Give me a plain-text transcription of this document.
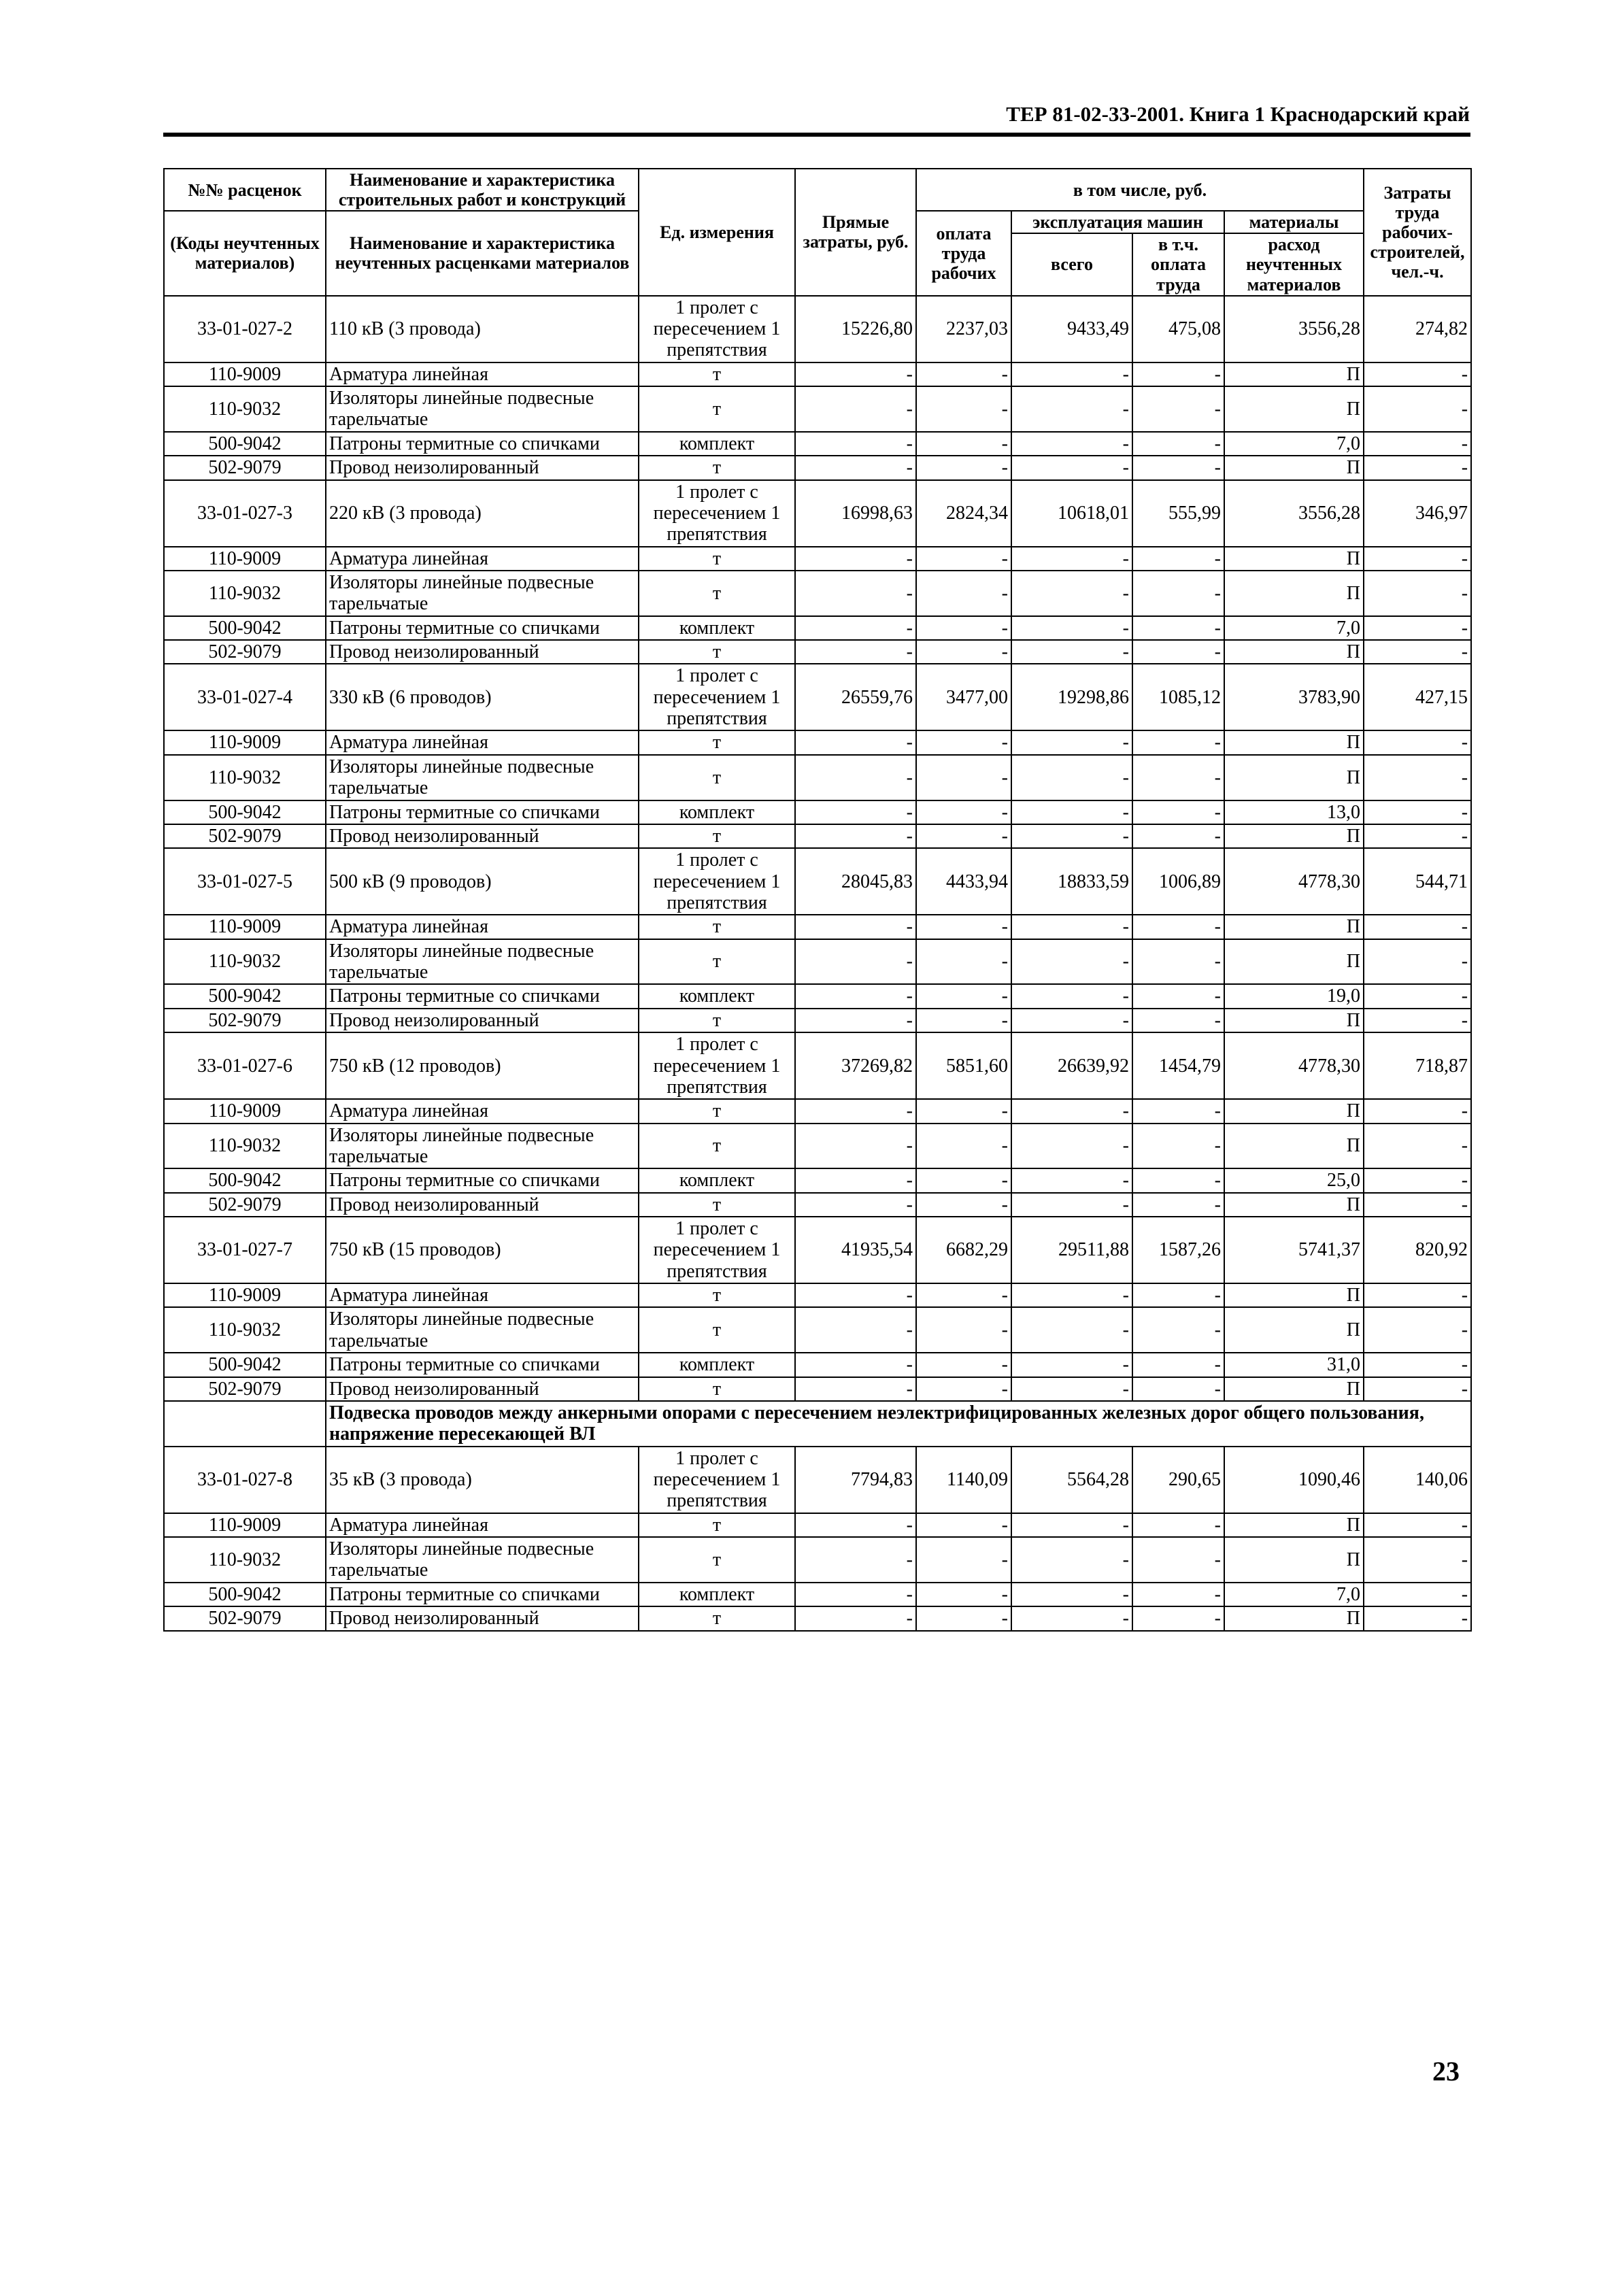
ТЕР 81-02-33-2001. Книга 1 Краснодарский край
№№ расценок	Наименование и характеристика строительных работ и конструкций	Ед. измерения	Прямые затраты, руб.	в том числе, руб.				Затраты труда рабочих-строителей, чел.-ч.
(Коды неучтенных материалов)	Наименование и характеристика неучтенных расценками материалов			оплата труда рабочих	эксплуатация машин		материалы	
					всего	в т.ч. оплата труда	расход неучтенных материалов	
33-01-027-2	110 кВ (3 провода)	1 пролет с пересечением 1 препятствия	15226,80	2237,03	9433,49	475,08	3556,28	274,82
110-9009	Арматура линейная	т	-	-	-	-	П	-
110-9032	Изоляторы линейные подвесные тарельчатые	т	-	-	-	-	П	-
500-9042	Патроны термитные со спичками	комплект	-	-	-	-	7,0	-
502-9079	Провод неизолированный	т	-	-	-	-	П	-
33-01-027-3	220 кВ (3 провода)	1 пролет с пересечением 1 препятствия	16998,63	2824,34	10618,01	555,99	3556,28	346,97
110-9009	Арматура линейная	т	-	-	-	-	П	-
110-9032	Изоляторы линейные подвесные тарельчатые	т	-	-	-	-	П	-
500-9042	Патроны термитные со спичками	комплект	-	-	-	-	7,0	-
502-9079	Провод неизолированный	т	-	-	-	-	П	-
33-01-027-4	330 кВ (6 проводов)	1 пролет с пересечением 1 препятствия	26559,76	3477,00	19298,86	1085,12	3783,90	427,15
110-9009	Арматура линейная	т	-	-	-	-	П	-
110-9032	Изоляторы линейные подвесные тарельчатые	т	-	-	-	-	П	-
500-9042	Патроны термитные со спичками	комплект	-	-	-	-	13,0	-
502-9079	Провод неизолированный	т	-	-	-	-	П	-
33-01-027-5	500 кВ (9 проводов)	1 пролет с пересечением 1 препятствия	28045,83	4433,94	18833,59	1006,89	4778,30	544,71
110-9009	Арматура линейная	т	-	-	-	-	П	-
110-9032	Изоляторы линейные подвесные тарельчатые	т	-	-	-	-	П	-
500-9042	Патроны термитные со спичками	комплект	-	-	-	-	19,0	-
502-9079	Провод неизолированный	т	-	-	-	-	П	-
33-01-027-6	750 кВ (12 проводов)	1 пролет с пересечением 1 препятствия	37269,82	5851,60	26639,92	1454,79	4778,30	718,87
110-9009	Арматура линейная	т	-	-	-	-	П	-
110-9032	Изоляторы линейные подвесные тарельчатые	т	-	-	-	-	П	-
500-9042	Патроны термитные со спичками	комплект	-	-	-	-	25,0	-
502-9079	Провод неизолированный	т	-	-	-	-	П	-
33-01-027-7	750 кВ (15 проводов)	1 пролет с пересечением 1 препятствия	41935,54	6682,29	29511,88	1587,26	5741,37	820,92
110-9009	Арматура линейная	т	-	-	-	-	П	-
110-9032	Изоляторы линейные подвесные тарельчатые	т	-	-	-	-	П	-
500-9042	Патроны термитные со спичками	комплект	-	-	-	-	31,0	-
502-9079	Провод неизолированный	т	-	-	-	-	П	-
	Подвеска проводов между анкерными опорами с пересечением неэлектрифицированных железных дорог общего пользования, напряжение пересекающей ВЛ							
33-01-027-8	35 кВ (3 провода)	1 пролет с пересечением 1 препятствия	7794,83	1140,09	5564,28	290,65	1090,46	140,06
110-9009	Арматура линейная	т	-	-	-	-	П	-
110-9032	Изоляторы линейные подвесные тарельчатые	т	-	-	-	-	П	-
500-9042	Патроны термитные со спичками	комплект	-	-	-	-	7,0	-
502-9079	Провод неизолированный	т	-	-	-	-	П	-
23
